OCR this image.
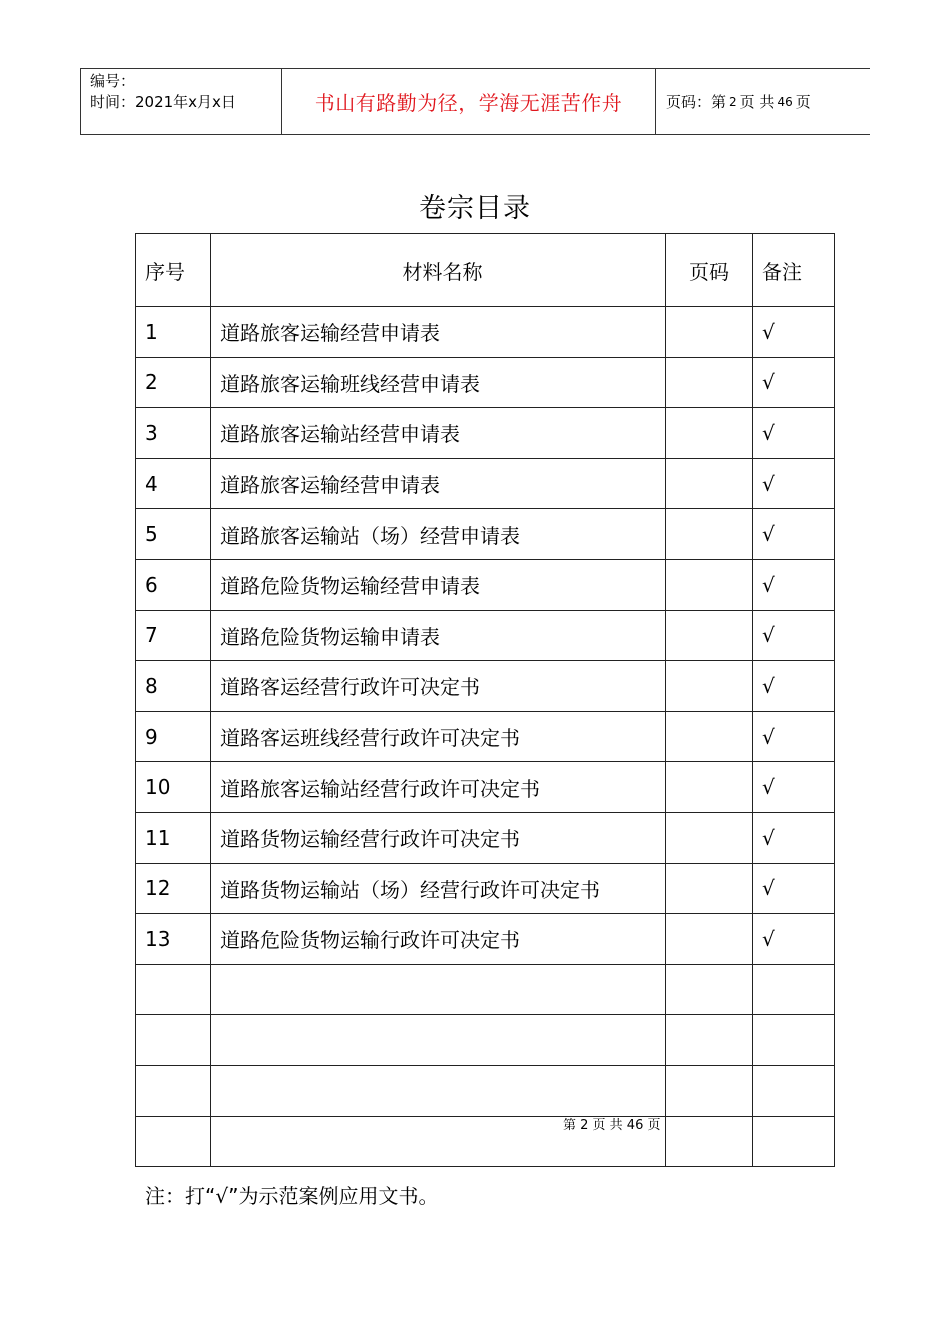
编号：
时间：2021年x月x日	书山有路勤为径，学海无涯苦作舟	页码：第 2 页 共 46 页
卷宗目录
序号	材料名称	页码	备注
1	道路旅客运输经营申请表		√
2	道路旅客运输班线经营申请表		√
3	道路旅客运输站经营申请表		√
4	道路旅客运输经营申请表		√
5	道路旅客运输站（场）经营申请表		√
6	道路危险货物运输经营申请表		√
7	道路危险货物运输申请表		√
8	道路客运经营行政许可决定书		√
9	道路客运班线经营行政许可决定书		√
10	道路旅客运输站经营行政许可决定书		√
11	道路货物运输经营行政许可决定书		√
12	道路货物运输站（场）经营行政许可决定书		√
13	道路危险货物运输行政许可决定书		√

第 2 页 共 46 页
注：打“√”为示范案例应用文书。
